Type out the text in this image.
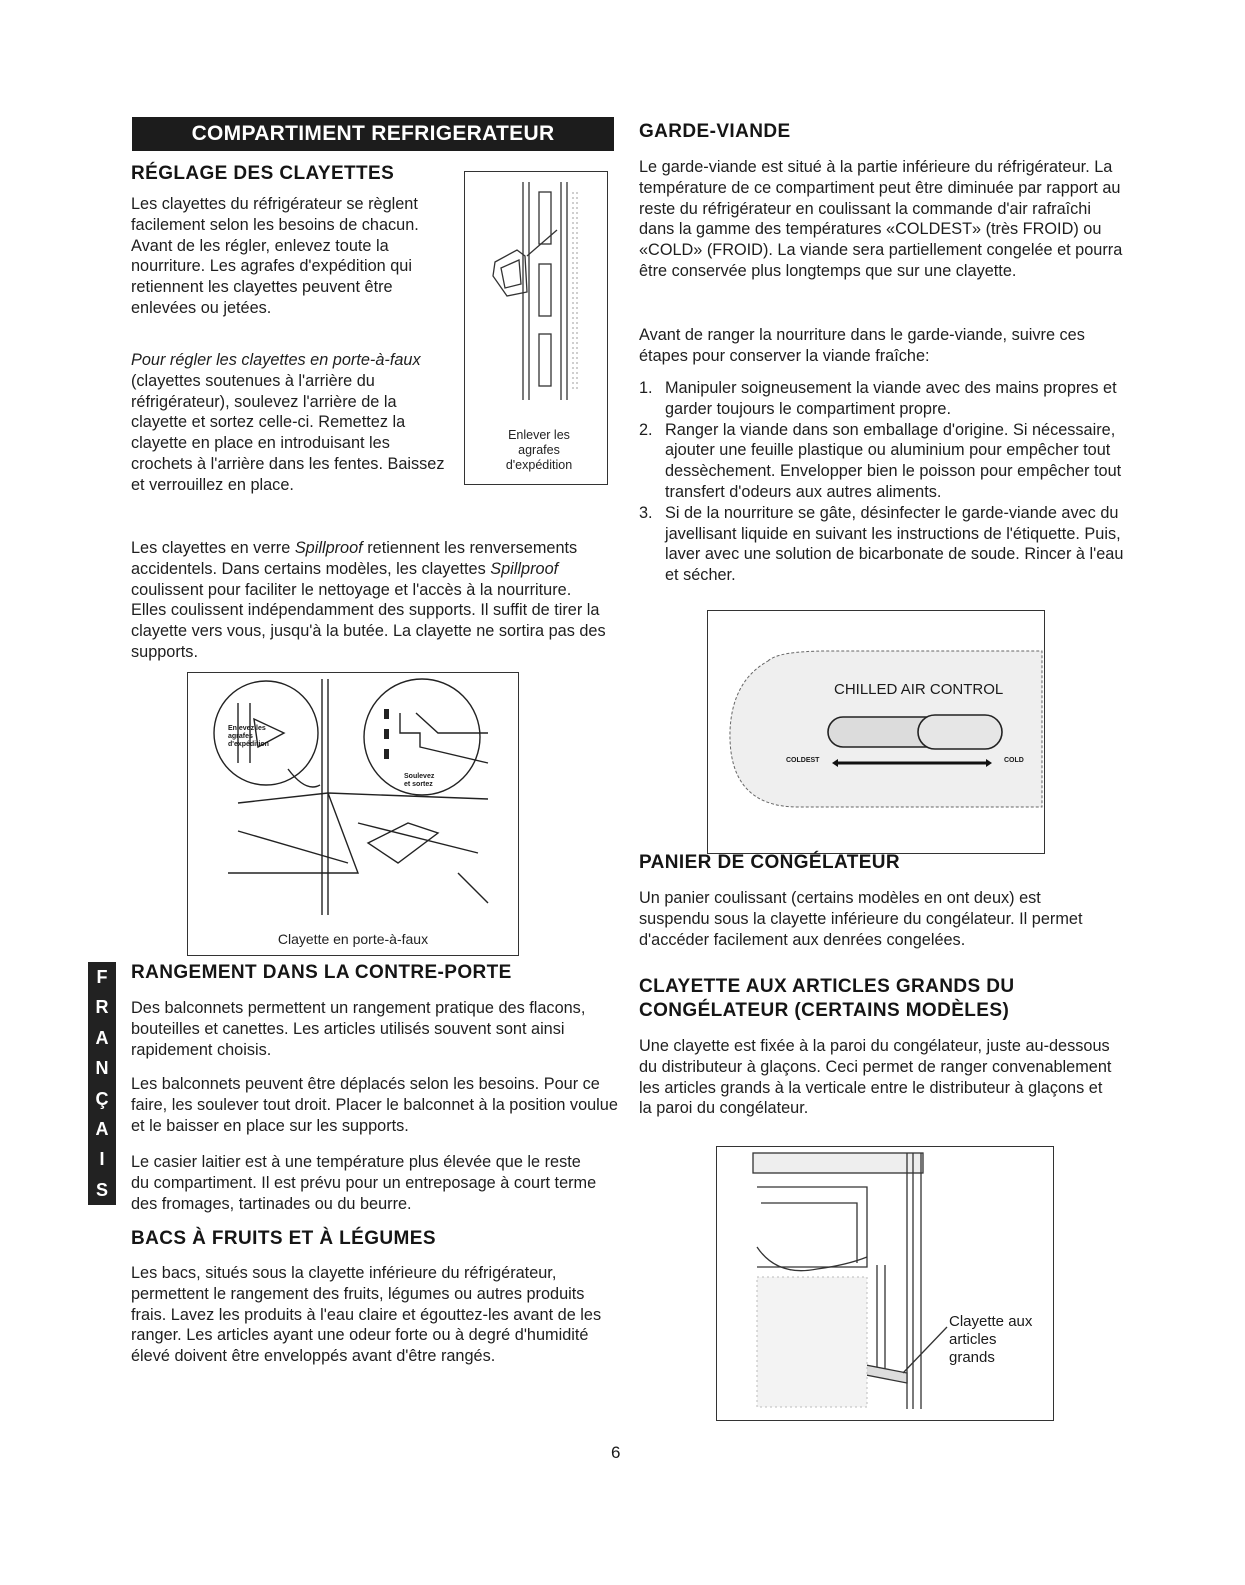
COMPARTIMENT REFRIGERATEUR
RÉGLAGE DES CLAYETTES

Les clayettes du réfrigérateur se règlent facilement selon les besoins de chacun. Avant de les régler, enlevez toute la nourriture. Les agrafes d'expédition qui retiennent les clayettes peuvent être enlevées ou jetées.

Pour régler les clayettes en porte-à-faux (clayettes soutenues à l'arrière du réfrigérateur), soulevez l'arrière de la clayette et sortez celle-ci. Remettez la clayette en place en introduisant les crochets à l'arrière dans les fentes. Baissez et verrouillez en place.

Enlever les agrafes d'expédition

Les clayettes en verre Spillproof retiennent les renversements accidentels. Dans certains modèles, les clayettes Spillproof coulissent pour faciliter le nettoyage et l'accès à la nourriture. Elles coulissent indépendamment des supports. Il suffit de tirer la clayette vers vous, jusqu'à la butée. La clayette ne sortira pas des supports.

Enlevez les agrafes d'expédition
Soulevez et sortez
Clayette en porte-à-faux
F
R
A
N
Ç
A
I
S
RANGEMENT DANS LA CONTRE-PORTE

Des balconnets permettent un rangement pratique des flacons, bouteilles et canettes. Les articles utilisés souvent sont ainsi rapidement choisis.

Les balconnets peuvent être déplacés selon les besoins. Pour ce faire, les soulever tout droit. Placer le balconnet à la position voulue et le baisser en place sur les supports.

Le casier laitier est à une température plus élevée que le reste du compartiment. Il est prévu pour un entreposage à court terme des fromages, tartinades ou du beurre.

BACS À FRUITS ET À LÉGUMES

Les bacs, situés sous la clayette inférieure du réfrigérateur, permettent le rangement des fruits, légumes ou autres produits frais. Lavez les produits à l'eau claire et égouttez-les avant de les ranger. Les articles ayant une odeur forte ou à degré d'humidité élevé doivent être enveloppés avant d'être rangés.

GARDE-VIANDE

Le garde-viande est situé à la partie inférieure du réfrigérateur. La température de ce compartiment peut être diminuée par rapport au reste du réfrigérateur en coulissant la commande d'air rafraîchi dans la gamme des températures «COLDEST» (très FROID) ou «COLD» (FROID). La viande sera partiellement congelée et pourra être conservée plus longtemps que sur une clayette.

Avant de ranger la nourriture dans le garde-viande, suivre ces étapes pour conserver la viande fraîche:

1. Manipuler soigneusement la viande avec des mains propres et garder toujours le compartiment propre.
2. Ranger la viande dans son emballage d'origine. Si nécessaire, ajouter une feuille plastique ou aluminium pour empêcher tout dessèchement. Envelopper bien le poisson pour empêcher tout transfert d'odeurs aux autres aliments.
3. Si de la nourriture se gâte, désinfecter le garde-viande avec du javellisant liquide en suivant les instructions de l'étiquette. Puis, laver avec une solution de bicarbonate de soude. Rincer à l'eau et sécher.
CHILLED AIR CONTROL
COLDEST	COLD
PANIER DE CONGÉLATEUR

Un panier coulissant (certains modèles en ont deux) est suspendu sous la clayette inférieure du congélateur. Il permet d'accéder facilement aux denrées congelées.

CLAYETTE AUX ARTICLES GRANDS DU
CONGÉLATEUR (CERTAINS MODÈLES)

Une clayette est fixée à la paroi du congélateur, juste au-dessous du distributeur à glaçons. Ceci permet de ranger convenablement les articles grands à la verticale entre le distributeur à glaçons et la paroi du congélateur.

Clayette aux articles grands
6
